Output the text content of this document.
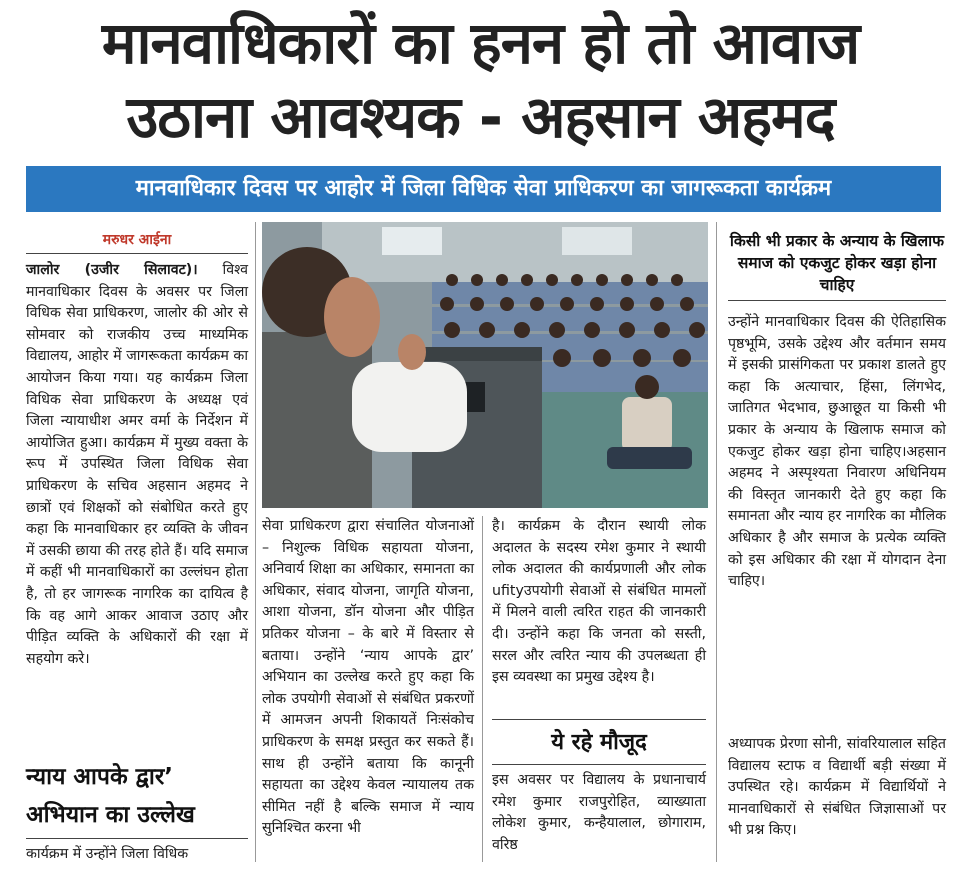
मानवाधिकारों का हनन हो तो आवाज
उठाना आवश्यक - अहसान अहमद
मानवाधिकार दिवस पर आहोर में जिला विधिक सेवा प्राधिकरण का जागरूकता कार्यक्रम
मरुधर आईना

जालोर (उजीर सिलावट)। विश्व मानवाधिकार दिवस के अवसर पर जिला विधिक सेवा प्राधिकरण, जालोर की ओर से सोमवार को राजकीय उच्च माध्यमिक विद्यालय, आहोर में जागरूकता कार्यक्रम का आयोजन किया गया। यह कार्यक्रम जिला विधिक सेवा प्राधिकरण के अध्यक्ष एवं जिला न्यायाधीश अमर वर्मा के निर्देशन में आयोजित हुआ। कार्यक्रम में मुख्य वक्ता के रूप में उपस्थित जिला विधिक सेवा प्राधिकरण के सचिव अहसान अहमद ने छात्रों एवं शिक्षकों को संबोधित करते हुए कहा कि मानवाधिकार हर व्यक्ति के जीवन में उसकी छाया की तरह होते हैं। यदि समाज में कहीं भी मानवाधिकारों का उल्लंघन होता है, तो हर जागरूक नागरिक का दायित्व है कि वह आगे आकर आवाज उठाए और पीड़ित व्यक्ति के अधिकारों की रक्षा में सहयोग करे।

न्याय आपके द्वार’ अभियान का उल्लेख

कार्यक्रम में उन्होंने जिला विधिक

सेवा प्राधिकरण द्वारा संचालित योजनाओं – निशुल्क विधिक सहायता योजना, अनिवार्य शिक्षा का अधिकार, समानता का अधिकार, संवाद योजना, जागृति योजना, आशा योजना, डॉन योजना और पीड़ित प्रतिकर योजना – के बारे में विस्तार से बताया। उन्होंने ‘न्याय आपके द्वार’ अभियान का उल्लेख करते हुए कहा कि लोक उपयोगी सेवाओं से संबंधित प्रकरणों में आमजन अपनी शिकायतें निःसंकोच प्राधिकरण के समक्ष प्रस्तुत कर सकते हैं। साथ ही उन्होंने बताया कि कानूनी सहायता का उद्देश्य केवल न्यायालय तक सीमित नहीं है बल्कि समाज में न्याय सुनिश्चित करना भी

है। कार्यक्रम के दौरान स्थायी लोक अदालत के सदस्य रमेश कुमार ने स्थायी लोक अदालत की कार्यप्रणाली और लोक ufityउपयोगी सेवाओं से संबंधित मामलों में मिलने वाली त्वरित राहत की जानकारी दी। उन्होंने कहा कि जनता को सस्ती, सरल और त्वरित न्याय की उपलब्धता ही इस व्यवस्था का प्रमुख उद्देश्य है।

ये रहे मौजूद

इस अवसर पर विद्यालय के प्रधानाचार्य रमेश कुमार राजपुरोहित, व्याख्याता लोकेश कुमार, कन्हैयालाल, छोगाराम, वरिष्ठ

किसी भी प्रकार के अन्याय के खिलाफ समाज को एकजुट होकर खड़ा होना चाहिए

उन्होंने मानवाधिकार दिवस की ऐतिहासिक पृष्ठभूमि, उसके उद्देश्य और वर्तमान समय में इसकी प्रासंगिकता पर प्रकाश डालते हुए कहा कि अत्याचार, हिंसा, लिंगभेद, जातिगत भेदभाव, छुआछूत या किसी भी प्रकार के अन्याय के खिलाफ समाज को एकजुट होकर खड़ा होना चाहिए।अहसान अहमद ने अस्पृश्यता निवारण अधिनियम की विस्तृत जानकारी देते हुए कहा कि समानता और न्याय हर नागरिक का मौलिक अधिकार है और समाज के प्रत्येक व्यक्ति को इस अधिकार की रक्षा में योगदान देना चाहिए।

अध्यापक प्रेरणा सोनी, सांवरियालाल सहित विद्यालय स्टाफ व विद्यार्थी बड़ी संख्या में उपस्थित रहे। कार्यक्रम में विद्यार्थियों ने मानवाधिकारों से संबंधित जिज्ञासाओं पर भी प्रश्न किए।
